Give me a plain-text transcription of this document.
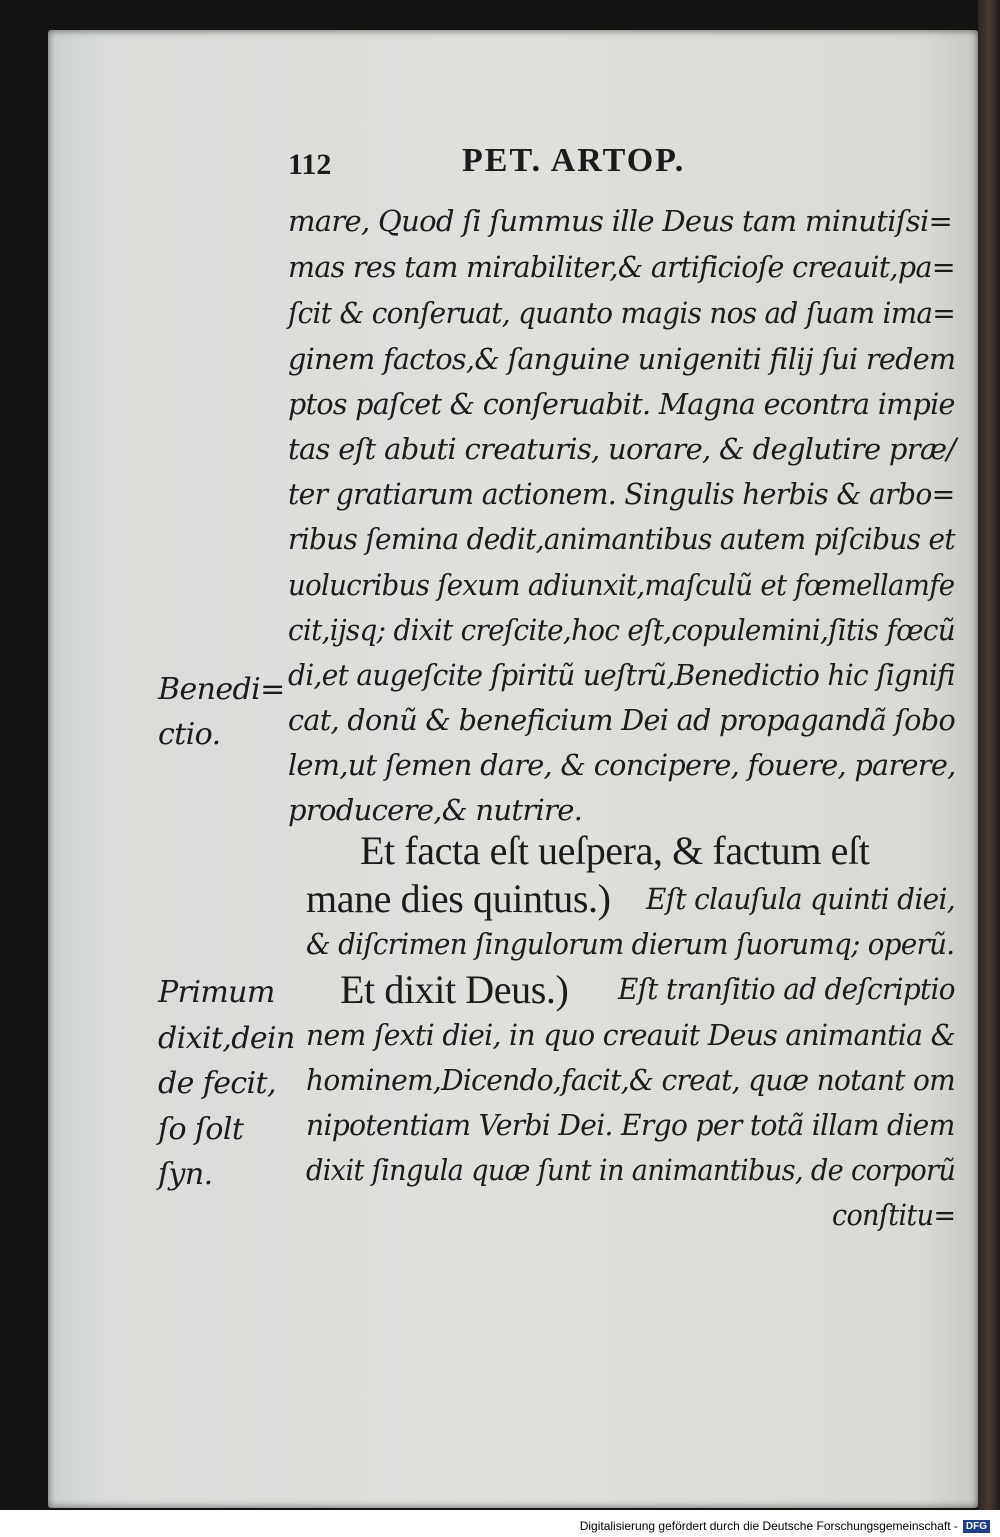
112	PET. ARTOP.
mare, Quod ſi ſummus ille Deus tam minutiſsi=
mas res tam mirabiliter,& artificioſe creauit,pa=
ſcit & conſeruat, quanto magis nos ad ſuam ima=
ginem factos,& ſanguine unigeniti filij ſui redem
ptos paſcet & conſeruabit. Magna econtra impie
tas eſt abuti creaturis, uorare, & deglutire præ/
ter gratiarum actionem. Singulis herbis & arbo=
ribus ſemina dedit,animantibus autem piſcibus et
uolucribus ſexum adiunxit,maſculũ et fœmellamfe
cit,ijsq; dixit creſcite,hoc eſt,copulemini,ſitis fœcũ
di,et augeſcite ſpiritũ ueſtrũ,Benedictio hic ſignifi
cat, donũ & beneficium Dei ad propagandã ſobo
lem,ut ſemen dare, & concipere, fouere, parere,
producere,& nutrire.
Et facta eſt ueſpera, & factum eſt
mane dies quintus.) Eſt clauſula quinti diei,
& diſcrimen ſingulorum dierum ſuorumq; operũ.
Et dixit Deus.) Eſt tranſitio ad deſcriptio
nem ſexti diei, in quo creauit Deus animantia &
hominem,Dicendo,facit,& creat, quæ notant om
nipotentiam Verbi Dei. Ergo per totã illam diem
dixit ſingula quæ ſunt in animantibus, de corporũ
conſtitu=
Benedi=
ctio.
Primum
dixit,dein
de fecit,
ſo ſolt
ſyn.
Digitalisierung gefördert durch die Deutsche Forschungsgemeinschaft - DFG
